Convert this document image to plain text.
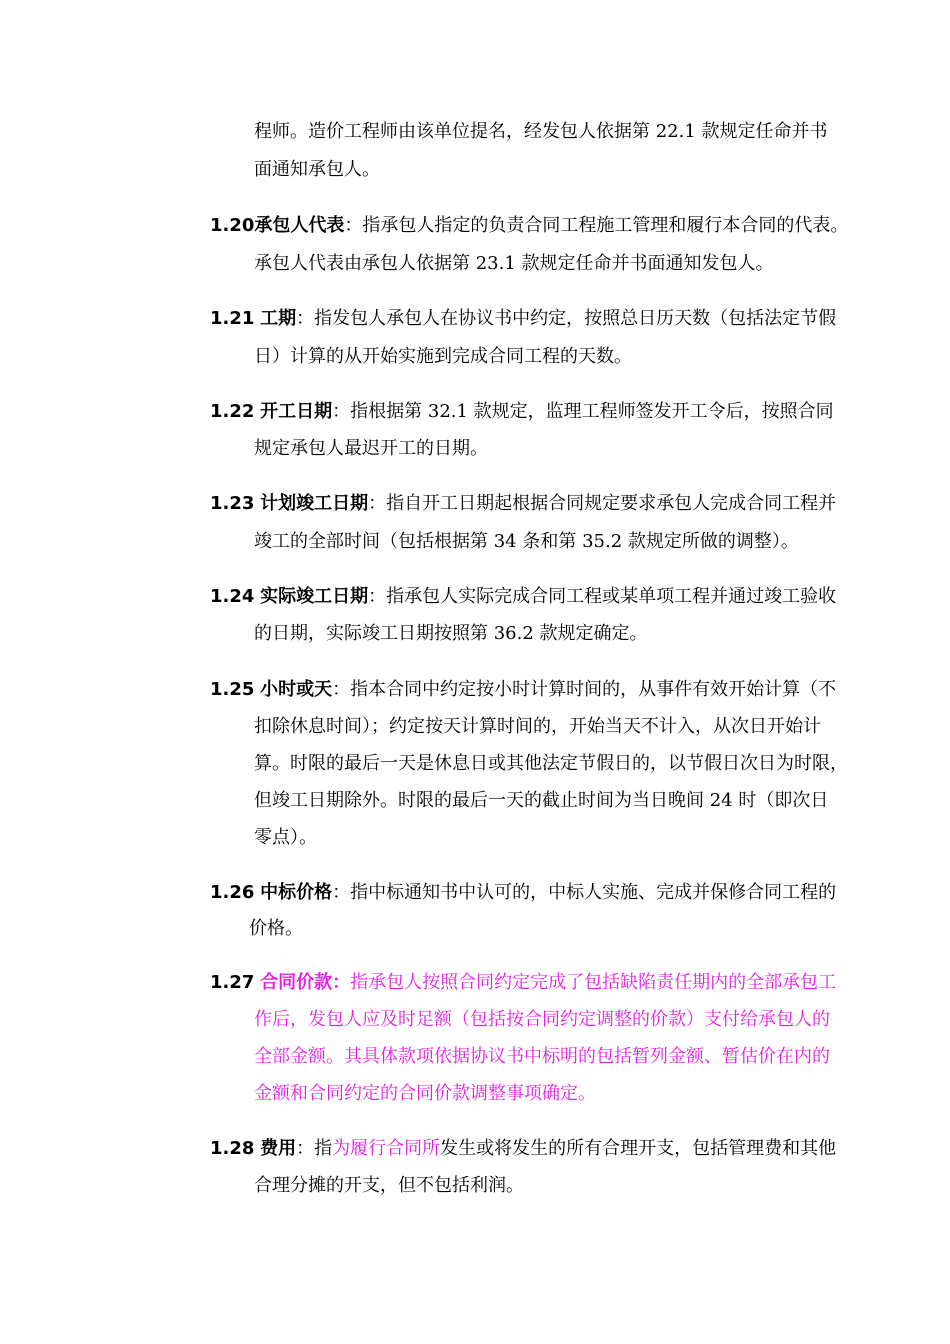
程师。造价工程师由该单位提名，经发包人依据第 22.1 款规定任命并书
面通知承包人。
1.20承包人代表：指承包人指定的负责合同工程施工管理和履行本合同的代表。
承包人代表由承包人依据第 23.1 款规定任命并书面通知发包人。
1.21 工期：指发包人承包人在协议书中约定，按照总日历天数（包括法定节假
日）计算的从开始实施到完成合同工程的天数。
1.22 开工日期：指根据第 32.1 款规定，监理工程师签发开工令后，按照合同
规定承包人最迟开工的日期。
1.23 计划竣工日期：指自开工日期起根据合同规定要求承包人完成合同工程并
竣工的全部时间（包括根据第 34 条和第 35.2 款规定所做的调整）。
1.24 实际竣工日期：指承包人实际完成合同工程或某单项工程并通过竣工验收
的日期，实际竣工日期按照第 36.2 款规定确定。
1.25 小时或天：指本合同中约定按小时计算时间的，从事件有效开始计算（不
扣除休息时间）；约定按天计算时间的，开始当天不计入，从次日开始计
算。时限的最后一天是休息日或其他法定节假日的，以节假日次日为时限，
但竣工日期除外。时限的最后一天的截止时间为当日晚间 24 时（即次日
零点）。
1.26 中标价格：指中标通知书中认可的，中标人实施、完成并保修合同工程的
价格。
1.27 合同价款：指承包人按照合同约定完成了包括缺陷责任期内的全部承包工
作后，发包人应及时足额（包括按合同约定调整的价款）支付给承包人的
全部金额。其具体款项依据协议书中标明的包括暂列金额、暂估价在内的
金额和合同约定的合同价款调整事项确定。
1.28 费用：指为履行合同所发生或将发生的所有合理开支，包括管理费和其他
合理分摊的开支，但不包括利润。
